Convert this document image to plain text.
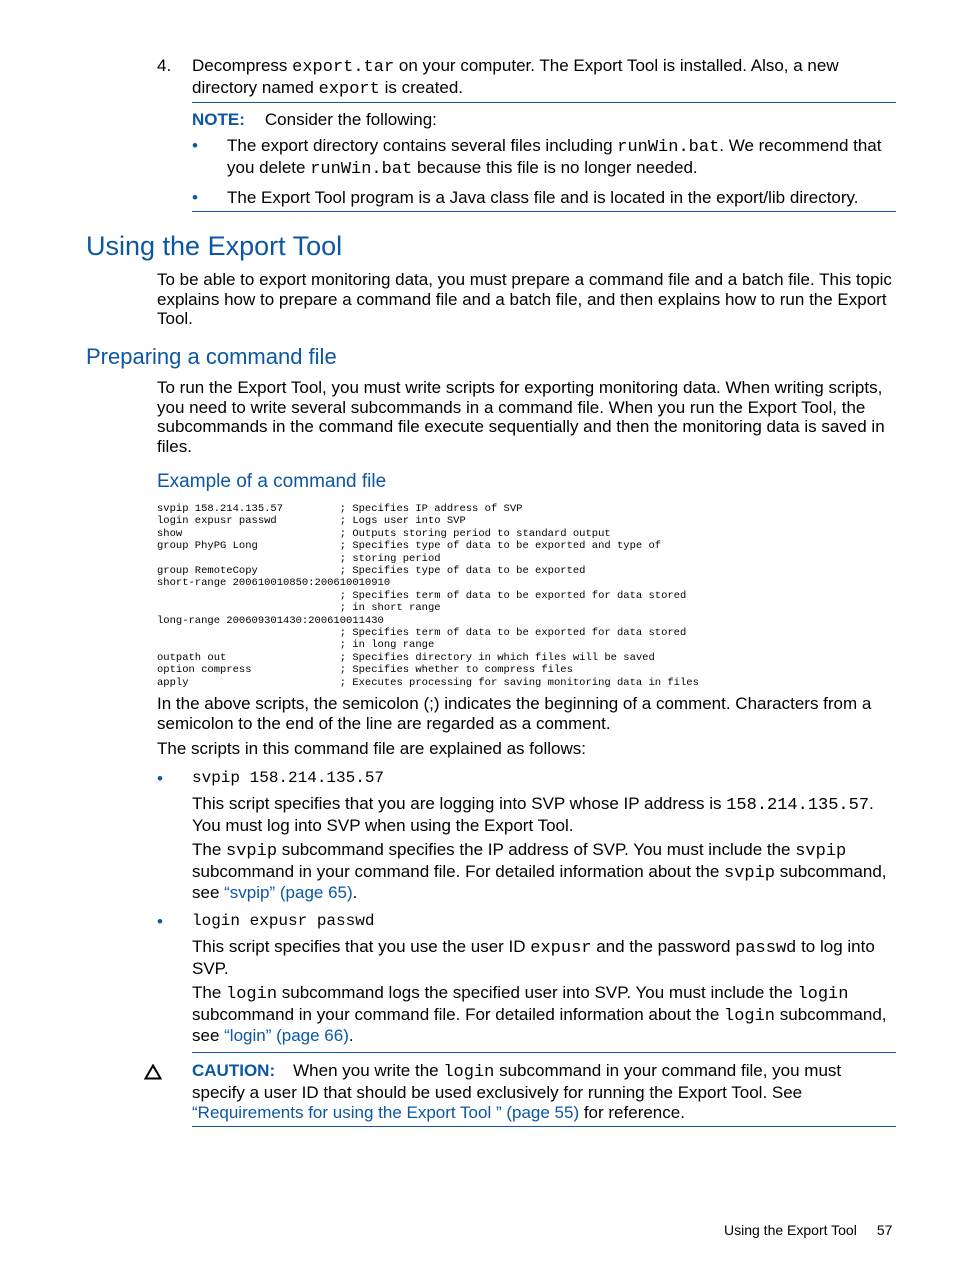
4. Decompress export.tar on your computer. The Export Tool is installed. Also, a new directory named export is created.
NOTE: Consider the following:
• The export directory contains several files including runWin.bat. We recommend that you delete runWin.bat because this file is no longer needed.
• The Export Tool program is a Java class file and is located in the export/lib directory.
Using the Export Tool

To be able to export monitoring data, you must prepare a command file and a batch file. This topic explains how to prepare a command file and a batch file, and then explains how to run the Export Tool.

Preparing a command file

To run the Export Tool, you must write scripts for exporting monitoring data. When writing scripts, you need to write several subcommands in a command file. When you run the Export Tool, the subcommands in the command file execute sequentially and then the monitoring data is saved in files.

Example of a command file
svpip 158.214.135.57         ; Specifies IP address of SVP
login expusr passwd          ; Logs user into SVP
show                         ; Outputs storing period to standard output
group PhyPG Long             ; Specifies type of data to be exported and type of
; storing period
group RemoteCopy             ; Specifies type of data to be exported
short-range 200610010850:200610010910
; Specifies term of data to be exported for data stored
; in short range
long-range 200609301430:200610011430
; Specifies term of data to be exported for data stored
; in long range
outpath out                  ; Specifies directory in which files will be saved
option compress              ; Specifies whether to compress files
apply                        ; Executes processing for saving monitoring data in files

In the above scripts, the semicolon (;) indicates the beginning of a comment. Characters from a semicolon to the end of the line are regarded as a comment.

The scripts in this command file are explained as follows:

• svpip 158.214.135.57

This script specifies that you are logging into SVP whose IP address is 158.214.135.57. You must log into SVP when using the Export Tool.

The svpip subcommand specifies the IP address of SVP. You must include the svpip subcommand in your command file. For detailed information about the svpip subcommand, see “svpip” (page 65).

• login expusr passwd

This script specifies that you use the user ID expusr and the password passwd to log into SVP.

The login subcommand logs the specified user into SVP. You must include the login subcommand in your command file. For detailed information about the login subcommand, see “login” (page 66).

CAUTION: When you write the login subcommand in your command file, you must specify a user ID that should be used exclusively for running the Export Tool. See “Requirements for using the Export Tool ” (page 55) for reference.

Using the Export Tool 57
